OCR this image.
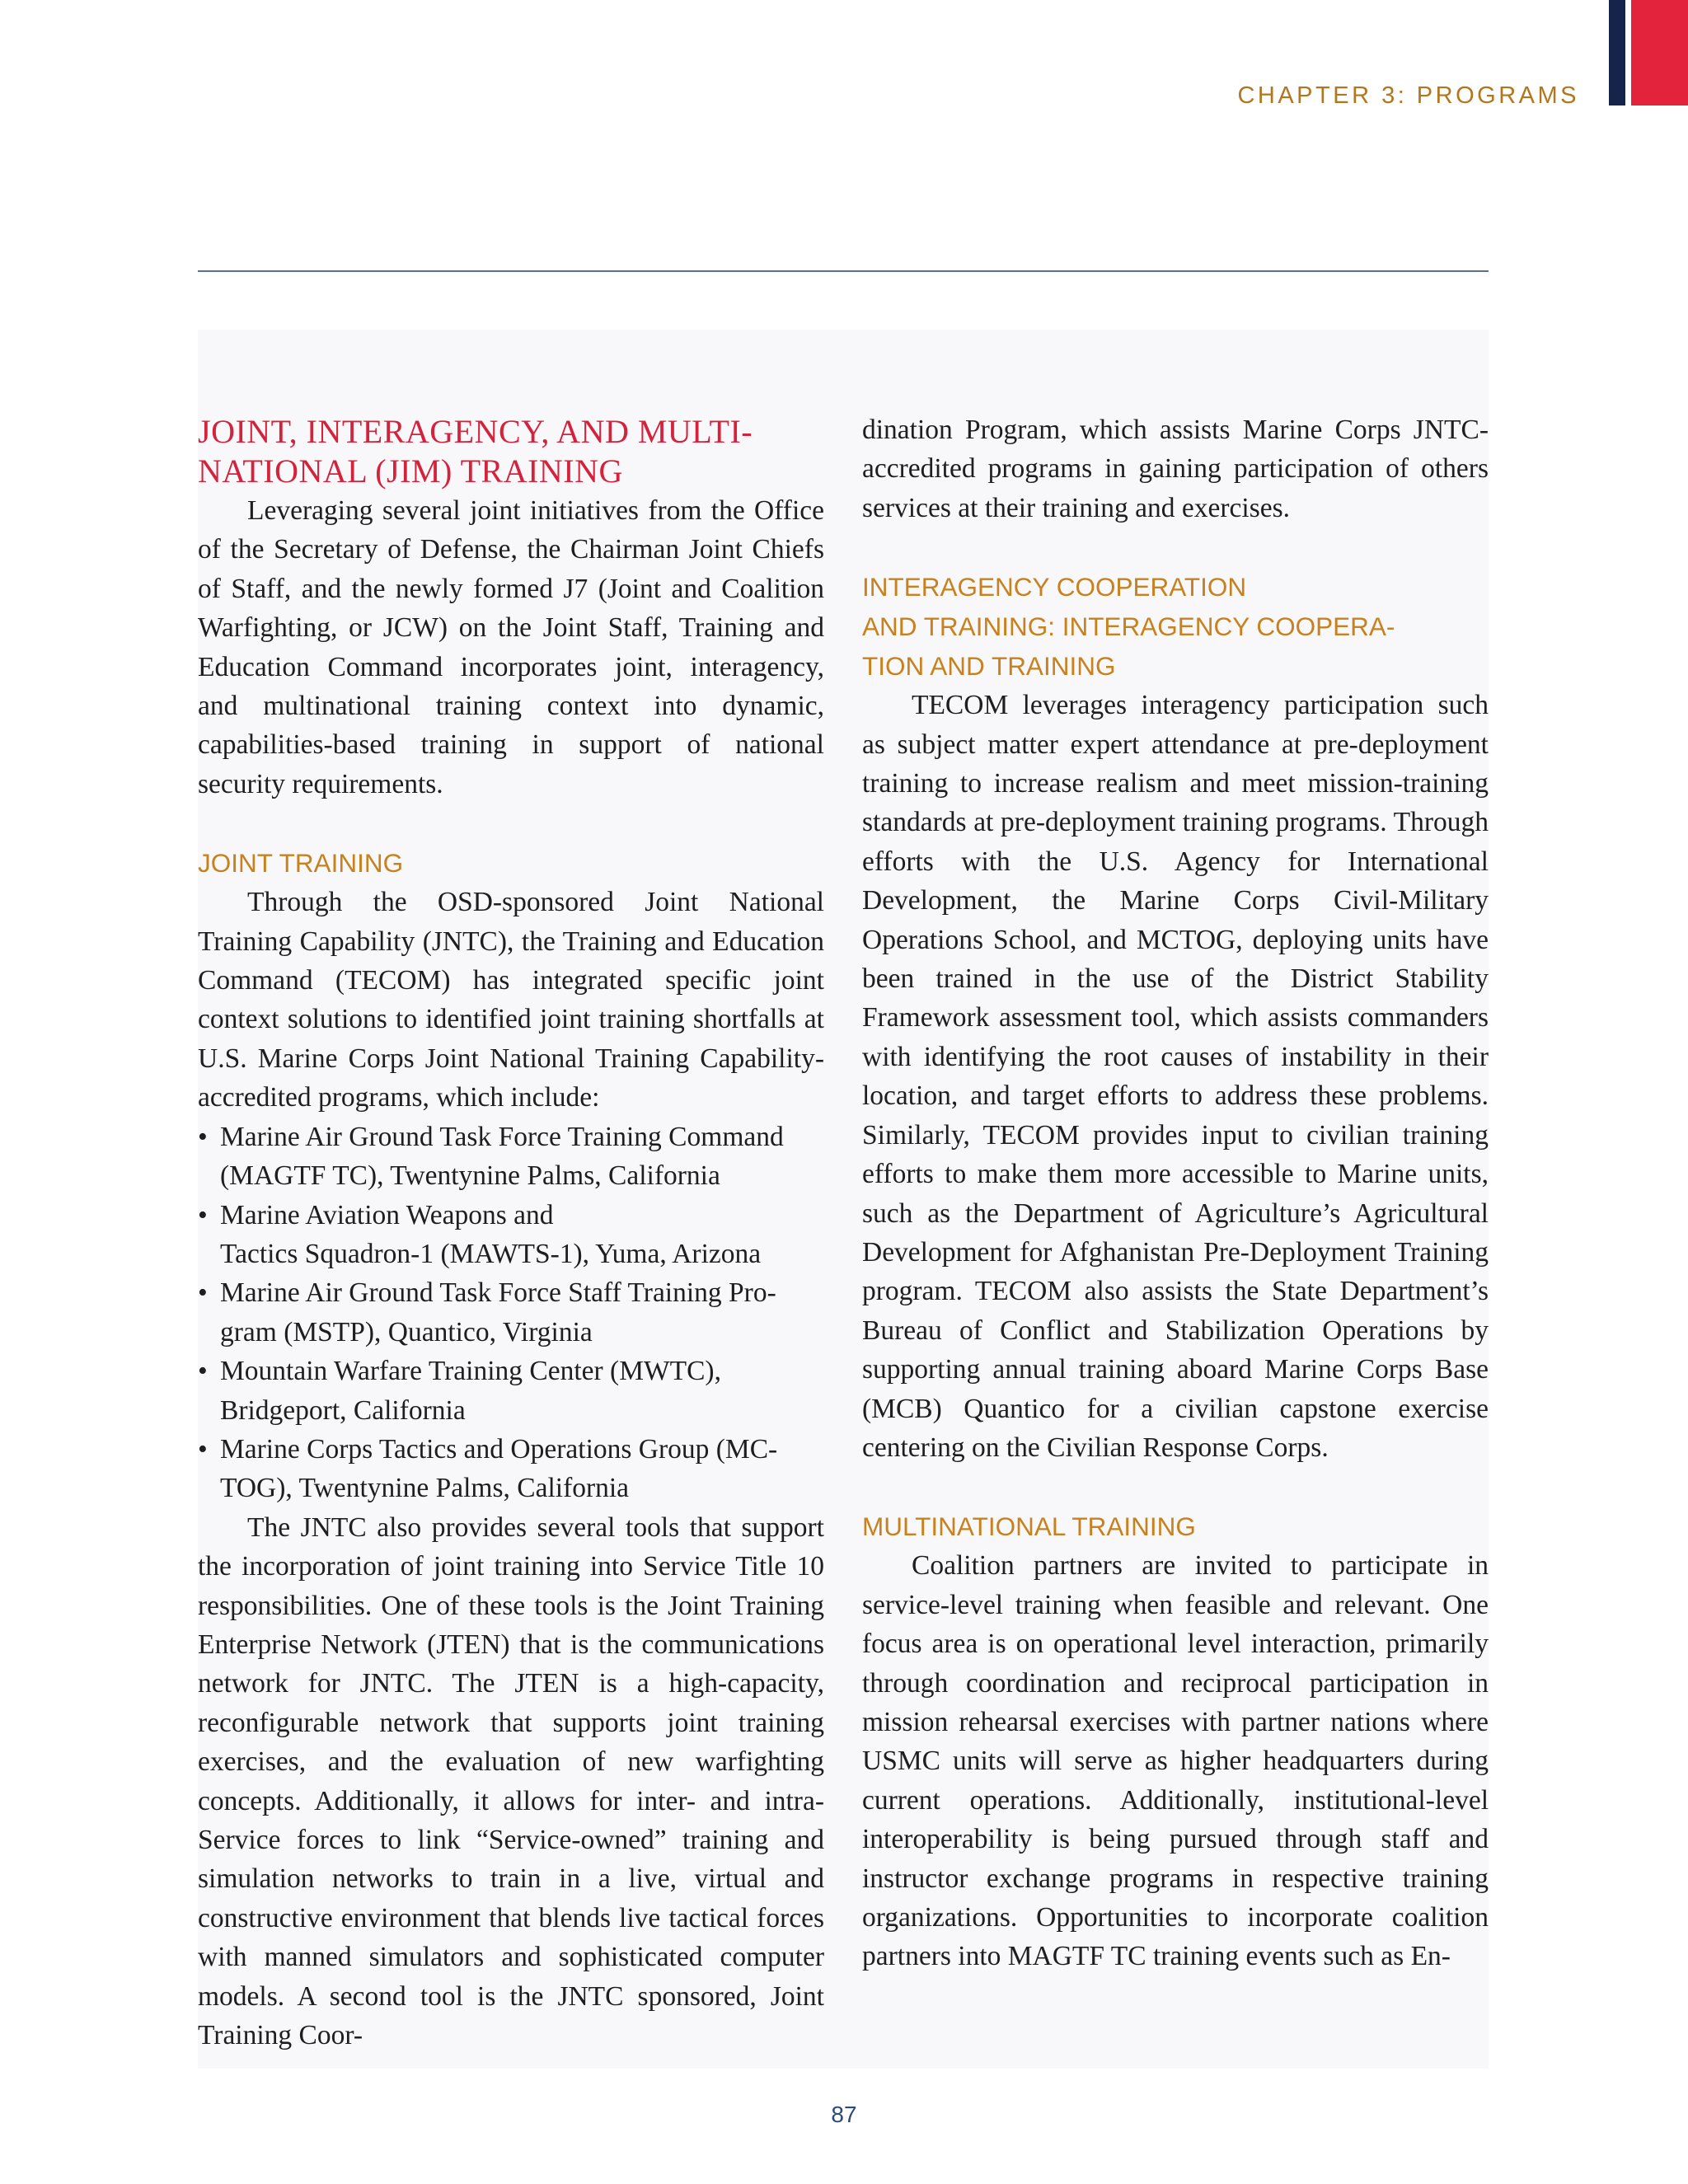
CHAPTER 3: PROGRAMS
JOINT, INTERAGENCY, AND MULTI-
NATIONAL (JIM) TRAINING

Leveraging several joint initiatives from the Office of the Secretary of Defense, the Chairman Joint Chiefs of Staff, and the newly formed J7 (Joint and Coalition Warfighting, or JCW) on the Joint Staff, Training and Education Command incorporates joint, interagency, and multinational training context into dynamic, capabilities-based training in support of national security requirements.

JOINT TRAINING

Through the OSD-sponsored Joint National Training Capability (JNTC), the Training and Education Command (TECOM) has integrated specific joint context solutions to identified joint training shortfalls at U.S. Marine Corps Joint National Training Capability-accredited programs, which include:

• Marine Air Ground Task Force Training Command
(MAGTF TC), Twentynine Palms, California
• Marine Aviation Weapons and
Tactics Squadron-1 (MAWTS-1), Yuma, Arizona
• Marine Air Ground Task Force Staff Training Pro-
gram (MSTP), Quantico, Virginia
• Mountain Warfare Training Center (MWTC),
Bridgeport, California
• Marine Corps Tactics and Operations Group (MC-
TOG), Twentynine Palms, California

The JNTC also provides several tools that support the incorporation of joint training into Service Title 10 responsibilities. One of these tools is the Joint Training Enterprise Network (JTEN) that is the communications network for JNTC. The JTEN is a high-capacity, reconfigurable network that supports joint training exercises, and the evaluation of new warfighting concepts. Additionally, it allows for inter- and intra-Service forces to link “Service-owned” training and simulation networks to train in a live, virtual and constructive environment that blends live tactical forces with manned simulators and sophisticated computer models. A second tool is the JNTC sponsored, Joint Training Coor-

dination Program, which assists Marine Corps JNTC-accredited programs in gaining participation of others services at their training and exercises.

INTERAGENCY COOPERATION
AND TRAINING: INTERAGENCY COOPERA-
TION AND TRAINING

TECOM leverages interagency participation such as subject matter expert attendance at pre-deployment training to increase realism and meet mission-training standards at pre-deployment training programs. Through efforts with the U.S. Agency for International Development, the Marine Corps Civil-Military Operations School, and MCTOG, deploying units have been trained in the use of the District Stability Framework assessment tool, which assists commanders with identifying the root causes of instability in their location, and target efforts to address these problems. Similarly, TECOM provides input to civilian training efforts to make them more accessible to Marine units, such as the Department of Agriculture’s Agricultural Development for Afghanistan Pre-Deployment Training program. TECOM also assists the State Department’s Bureau of Conflict and Stabilization Operations by supporting annual training aboard Marine Corps Base (MCB) Quantico for a civilian capstone exercise centering on the Civilian Response Corps.

MULTINATIONAL TRAINING

Coalition partners are invited to participate in service-level training when feasible and relevant. One focus area is on operational level interaction, primarily through coordination and reciprocal participation in mission rehearsal exercises with partner nations where USMC units will serve as higher headquarters during current operations. Additionally, institutional-level interoperability is being pursued through staff and instructor exchange programs in respective training organizations. Opportunities to incorporate coalition partners into MAGTF TC training events such as En-

87
